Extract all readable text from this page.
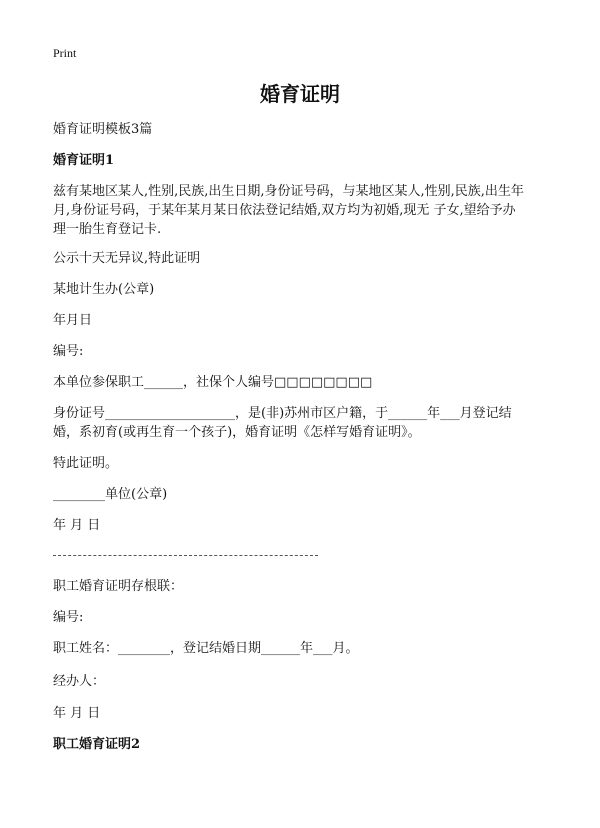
Print
婚育证明
婚育证明模板3篇
婚育证明1
兹有某地区某人,性别,民族,出生日期,身份证号码，与某地区某人,性别,民族,出生年
月,身份证号码，于某年某月某日依法登记结婚,双方均为初婚,现无 子女,望给予办
理一胎生育登记卡.
公示十天无异议,特此证明
某地计生办(公章)
年月日
编号:
本单位参保职工______，社保个人编号□□□□□□□□
身份证号____________________，是(非)苏州市区户籍，于______年___月登记结
婚，系初育(或再生育一个孩子)，婚育证明《怎样写婚育证明》。
特此证明。
________单位(公章)
年 月 日
职工婚育证明存根联：
编号:
职工姓名：________，登记结婚日期______年___月。
经办人：
年 月 日
职工婚育证明2
